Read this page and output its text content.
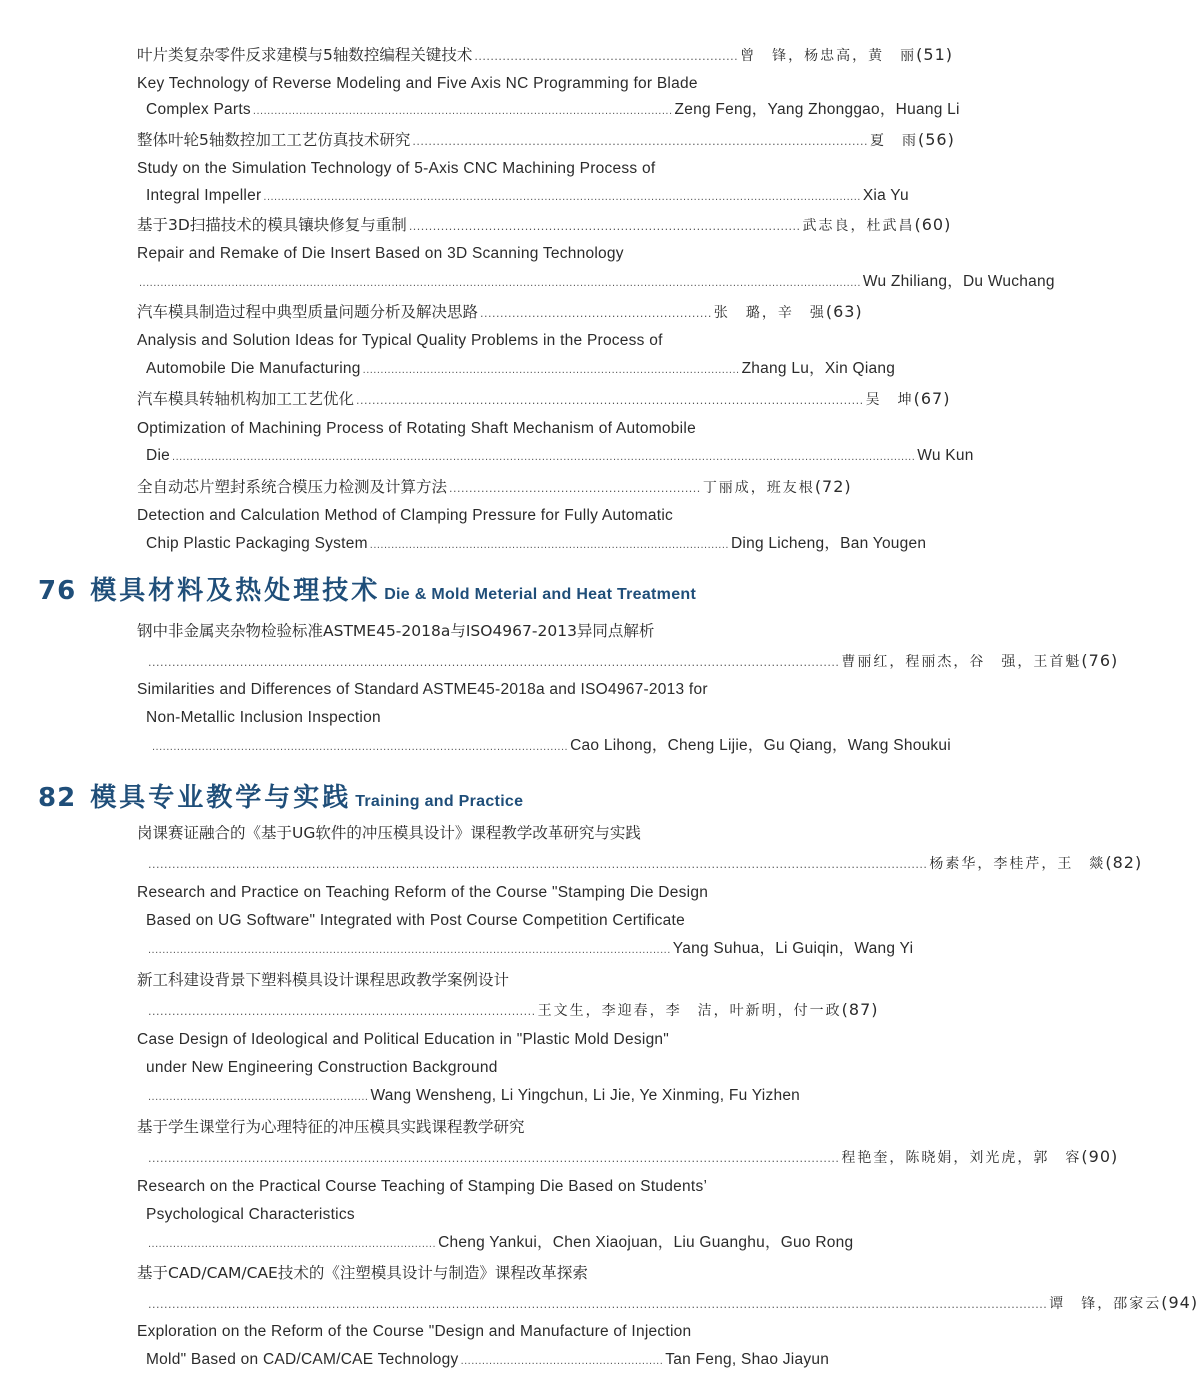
叶片类复杂零件反求建模与5轴数控编程关键技术 .................................................................. 曾　锋，杨忠高，黄　丽 (51)
Key Technology of Reverse Modeling and Five Axis NC Programming for Blade
Complex Parts ...................................................................................................................... Zeng Feng，Yang Zhonggao，Huang Li
整体叶轮5轴数控加工工艺仿真技术研究 .................................................................................................................. 夏　雨 (56)
Study on the Simulation Technology of 5-Axis CNC Machining Process of
Integral Impeller ........................................................................................................................................................................ Xia Yu
基于3D扫描技术的模具镶块修复与重制 .................................................................................................. 武志良，杜武昌 (60)
Repair and Remake of Die Insert Based on 3D Scanning Technology
........................................................................................................................................................................................................... Wu Zhiliang，Du Wuchang
汽车模具制造过程中典型质量问题分析及解决思路 .......................................................... 张　璐，辛　强 (63)
Analysis and Solution Ideas for Typical Quality Problems in the Process of
Automobile Die Manufacturing .......................................................................................................... Zhang Lu，Xin Qiang
汽车模具转轴机构加工工艺优化 ............................................................................................................................... 吴　坤 (67)
Optimization of Machining Process of Rotating Shaft Mechanism of Automobile
Die ................................................................................................................................................................................................................. Wu Kun
全自动芯片塑封系统合模压力检测及计算方法 ............................................................... 丁丽成，班友根 (72)
Detection and Calculation Method of Clamping Pressure for Fully Automatic
Chip Plastic Packaging System ..................................................................................................... Ding Licheng，Ban Yougen
76 模具材料及热处理技术 Die & Mold Meterial and Heat Treatment
钢中非金属夹杂物检验标准ASTME45-2018a与ISO4967-2013异同点解析
............................................................................................................................................................................. 曹丽红，程丽杰，谷　强，王首魁 (76)
Similarities and Differences of Standard ASTME45-2018a and ISO4967-2013 for
Non-Metallic Inclusion Inspection
..................................................................................................................... Cao Lihong，Cheng Lijie，Gu Qiang，Wang Shoukui
82 模具专业教学与实践 Training and Practice
岗课赛证融合的《基于UG软件的冲压模具设计》课程教学改革研究与实践
................................................................................................................................................................................................... 杨素华，李桂芹，王　燚 (82)
Research and Practice on Teaching Reform of the Course "Stamping Die Design
Based on UG Software" Integrated with Post Course Competition Certificate
................................................................................................................................................... Yang Suhua，Li Guiqin，Wang Yi
新工科建设背景下塑料模具设计课程思政教学案例设计
................................................................................................. 王文生，李迎春，李　洁，叶新明，付一政 (87)
Case Design of Ideological and Political Education in "Plastic Mold Design"
under New Engineering Construction Background
.............................................................. Wang Wensheng, Li Yingchun, Li Jie, Ye Xinming, Fu Yizhen
基于学生课堂行为心理特征的冲压模具实践课程教学研究
............................................................................................................................................................................. 程艳奎，陈晓娟，刘光虎，郭　容 (90)
Research on the Practical Course Teaching of Stamping Die Based on Students’
Psychological Characteristics
................................................................................. Cheng Yankui，Chen Xiaojuan，Liu Guanghu，Guo Rong
基于CAD/CAM/CAE技术的《注塑模具设计与制造》课程改革探索
................................................................................................................................................................................................................................. 谭　锋，邵家云 (94)
Exploration on the Reform of the Course "Design and Manufacture of Injection
Mold" Based on CAD/CAM/CAE Technology ......................................................... Tan Feng, Shao Jiayun
